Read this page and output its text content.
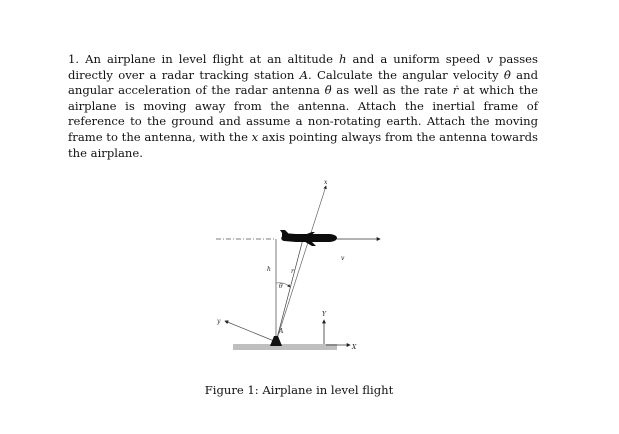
1. An airplane in level flight at an altitude h and a uniform speed v passes directly over a radar tracking station A. Calculate the angular velocity θ̇ and angular acceleration of the radar antenna θ̈ as well as the rate ṙ at which the airplane is moving away from the antenna. Attach the inertial frame of reference to the ground and assume a non-rotating earth. Attach the moving frame to the antenna, with the x axis pointing always from the antenna towards the airplane.

x
v
h	r
θ
y
Y
A
X

Figure 1: Airplane in level flight
